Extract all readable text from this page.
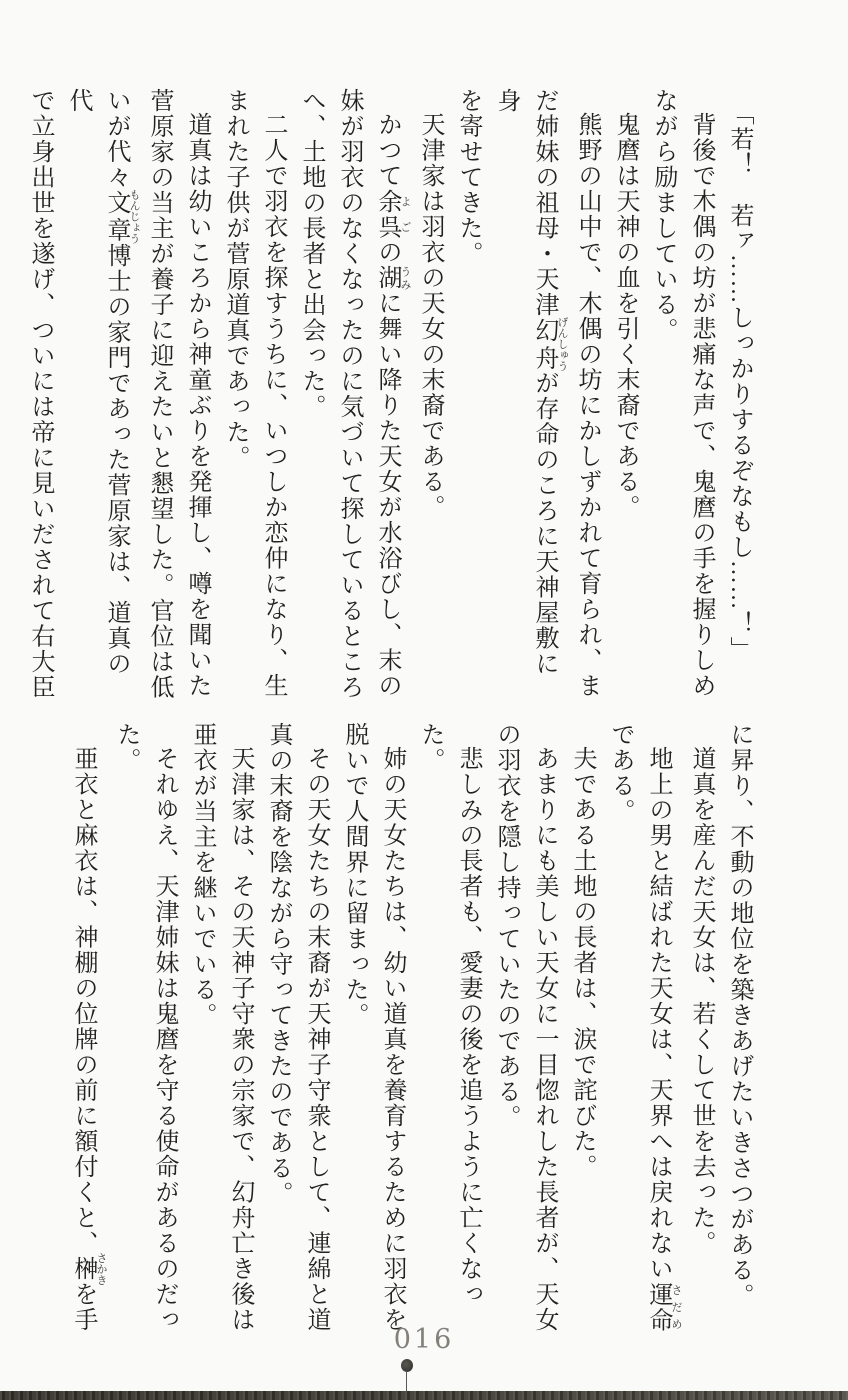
「若！　若ァ……しっかりするぞなもし……！」

背後で木偶の坊が悲痛な声で、鬼麿の手を握りしめ

ながら励ましている。

鬼麿は天神の血を引く末裔である。

熊野の山中で、木偶の坊にかしずかれて育られ、ま

だ姉妹の祖母・天津幻舟 げんしゅうが存命のころに天神屋敷に身

を寄せてきた。

天津家は羽衣の天女の末裔である。

かつて余呉 よごの湖 うみに舞い降りた天女が水浴びし、末の

妹が羽衣のなくなったのに気づいて探しているところ

へ、土地の長者と出会った。

二人で羽衣を探すうちに、いつしか恋仲になり、生

まれた子供が菅原道真であった。

道真は幼いころから神童ぶりを発揮し、噂を聞いた

菅原家の当主が養子に迎えたいと懇望した。官位は低

いが代々文章 もんじょう博士の家門であった菅原家は、道真の代

で立身出世を遂げ、ついには帝に見いだされて右大臣

に昇り、不動の地位を築きあげたいきさつがある。

道真を産んだ天女は、若くして世を去った。

地上の男と結ばれた天女は、天界へは戻れない運命 さだめ

である。

夫である土地の長者は、涙で詫びた。

あまりにも美しい天女に一目惚れした長者が、天女

の羽衣を隠し持っていたのである。

悲しみの長者も、愛妻の後を追うように亡くなった。

姉の天女たちは、幼い道真を養育するために羽衣を

脱いで人間界に留まった。

その天女たちの末裔が天神子守衆として、連綿と道

真の末裔を陰ながら守ってきたのである。

天津家は、その天神子守衆の宗家で、幻舟亡き後は

亜衣が当主を継いでいる。

それゆえ、天津姉妹は鬼麿を守る使命があるのだっ

た。

亜衣と麻衣は、神棚の位牌の前に額付くと、榊 さかきを手

016
